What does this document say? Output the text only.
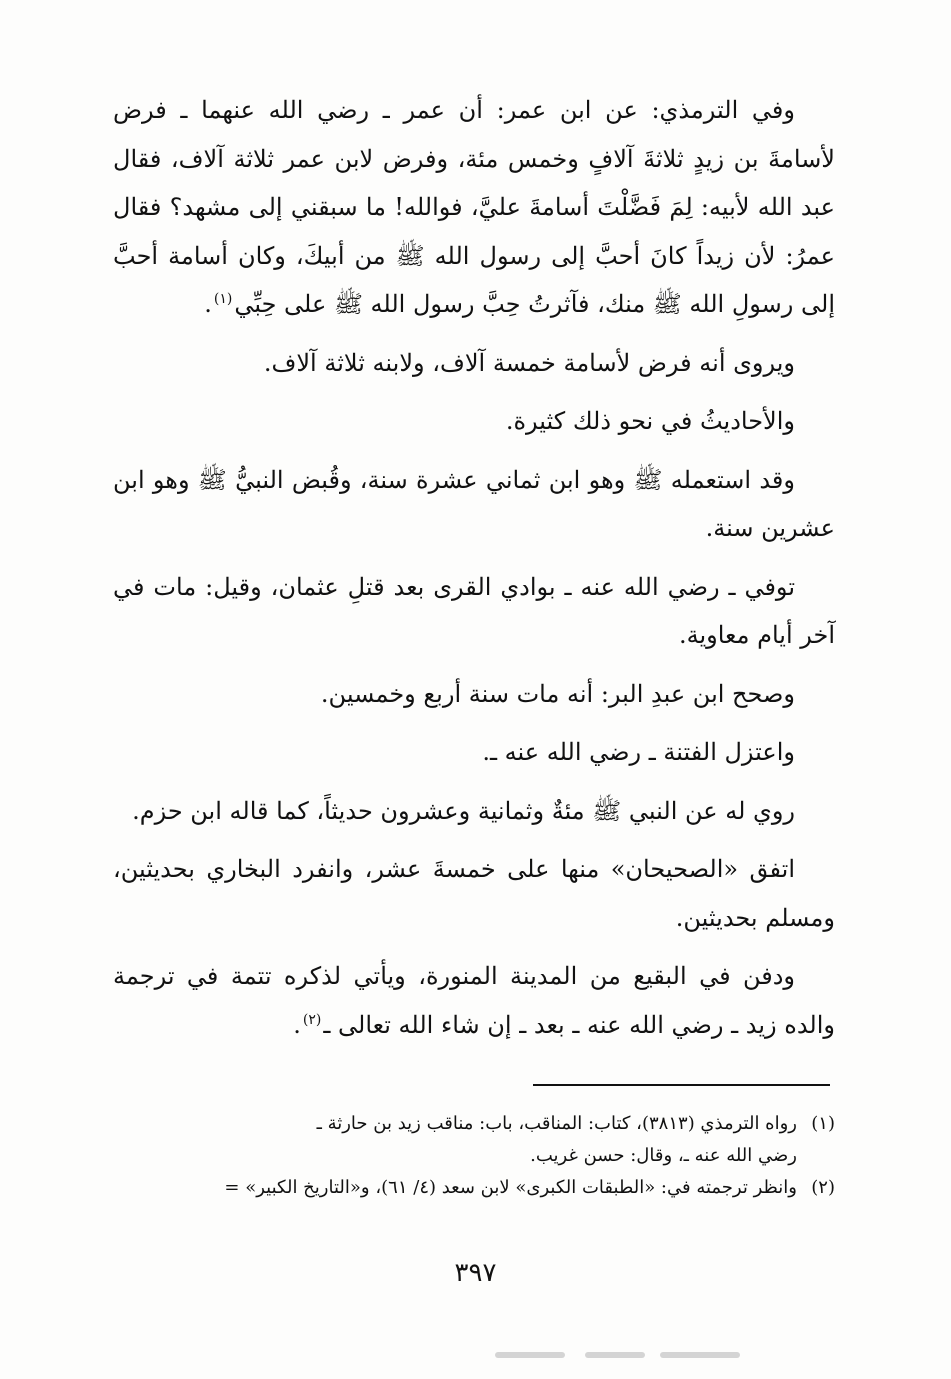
وفي الترمذي: عن ابن عمر: أن عمر ـ رضي الله عنهما ـ فرض لأسامةَ بن زيدٍ ثلاثةَ آلافٍ وخمس مئة، وفرض لابن عمر ثلاثة آلاف، فقال عبد الله لأبيه: لِمَ فَضَّلْتَ أسامةَ عليَّ، فوالله! ما سبقني إلى مشهد؟ فقال عمرُ: لأن زيداً كانَ أحبَّ إلى رسول الله ﷺ من أبيكَ، وكان أسامة أحبَّ إلى رسولِ الله ﷺ منك، فآثرتُ حِبَّ رسول الله ﷺ على حِبِّي$^{(١)}$.

ويروى أنه فرض لأسامة خمسة آلاف، ولابنه ثلاثة آلاف.

والأحاديثُ في نحو ذلك كثيرة.

وقد استعمله ﷺ وهو ابن ثماني عشرة سنة، وقُبض النبيُّ ﷺ وهو ابن عشرين سنة.

توفي ـ رضي الله عنه ـ بوادي القرى بعد قتلِ عثمان، وقيل: مات في آخر أيام معاوية.

وصحح ابن عبدِ البر: أنه مات سنة أربع وخمسين.

واعتزل الفتنة ـ رضي الله عنه ـ.

روي له عن النبي ﷺ مئةٌ وثمانية وعشرون حديثاً، كما قاله ابن حزم.

اتفق «الصحيحان» منها على خمسةَ عشر، وانفرد البخاري بحديثين، ومسلم بحديثين.

ودفن في البقيع من المدينة المنورة، ويأتي لذكره تتمة في ترجمة والده زيد ـ رضي الله عنه ـ بعد ـ إن شاء الله تعالى ـ$^{(٢)}$.

(١)رواه الترمذي (٣٨١٣)، كتاب: المناقب، باب: مناقب زيد بن حارثة ـ

رضي الله عنه ـ، وقال: حسن غريب.

(٢)وانظر ترجمته في: «الطبقات الكبرى» لابن سعد (٤/ ٦١)، و«التاريخ الكبير» =

٣٩٧
